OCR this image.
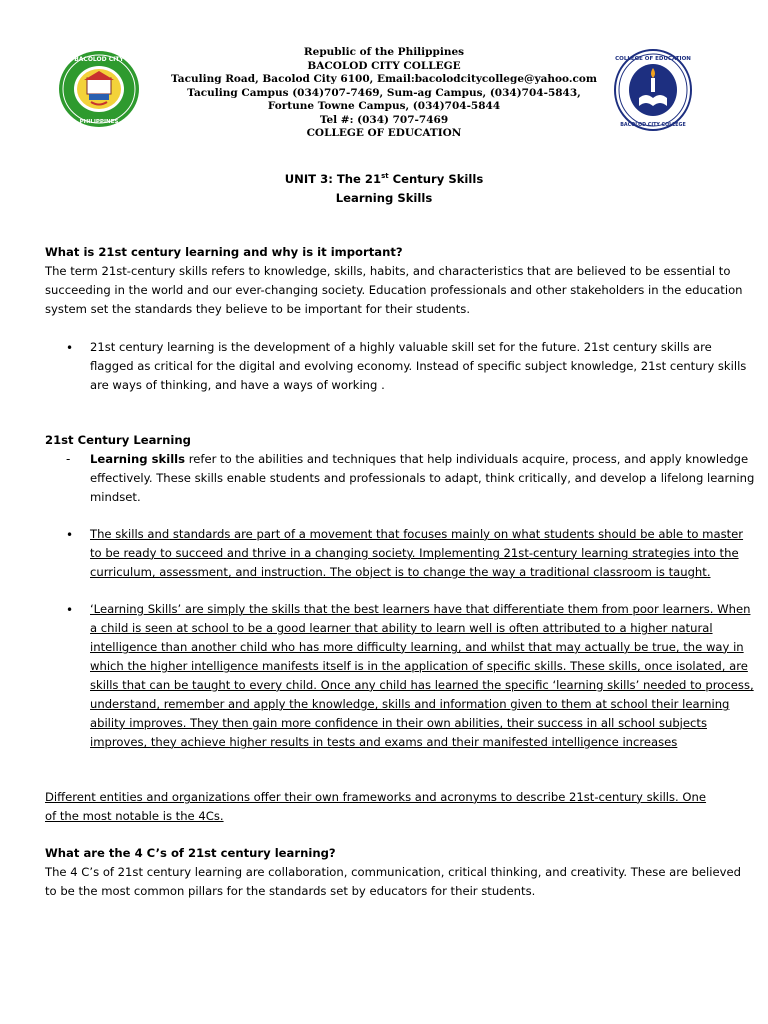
BACOLOD CITY
PHILIPPINES
Republic of the Philippines
BACOLOD CITY COLLEGE
Taculing Road, Bacolod City 6100, Email:bacolodcitycollege@yahoo.com
Taculing Campus (034)707-7469, Sum-ag Campus, (034)704-5843,
Fortune Towne Campus, (034)704-5844
Tel #: (034) 707-7469
COLLEGE OF EDUCATION
COLLEGE OF EDUCATION
BACOLOD CITY COLLEGE
UNIT 3: The 21st Century Skills
Learning Skills
What is 21st century learning and why is it important?
The term 21st-century skills refers to knowledge, skills, habits, and characteristics that are believed to be essential to
succeeding in the world and our ever-changing society. Education professionals and other stakeholders in the education
system set the standards they believe to be important for their students.
• 21st century learning is the development of a highly valuable skill set for the future. 21st century skills are
flagged as critical for the digital and evolving economy. Instead of specific subject knowledge, 21st century skills
are ways of thinking, and have a ways of working .
21st Century Learning
- Learning skills refer to the abilities and techniques that help individuals acquire, process, and apply knowledge
effectively. These skills enable students and professionals to adapt, think critically, and develop a lifelong learning
mindset.
• The skills and standards are part of a movement that focuses mainly on what students should be able to master
to be ready to succeed and thrive in a changing society. Implementing 21st-century learning strategies into the
curriculum, assessment, and instruction. The object is to change the way a traditional classroom is taught.
• ‘Learning Skills’ are simply the skills that the best learners have that differentiate them from poor learners. When
a child is seen at school to be a good learner that ability to learn well is often attributed to a higher natural
intelligence than another child who has more difficulty learning, and whilst that may actually be true, the way in
which the higher intelligence manifests itself is in the application of specific skills. These skills, once isolated, are
skills that can be taught to every child. Once any child has learned the specific ‘learning skills’ needed to process,
understand, remember and apply the knowledge, skills and information given to them at school their learning
ability improves. They then gain more confidence in their own abilities, their success in all school subjects
improves, they achieve higher results in tests and exams and their manifested intelligence increases
Different entities and organizations offer their own frameworks and acronyms to describe 21st-century skills. One
of the most notable is the 4Cs.
What are the 4 C’s of 21st century learning?
The 4 C’s of 21st century learning are collaboration, communication, critical thinking, and creativity. These are believed
to be the most common pillars for the standards set by educators for their students.
